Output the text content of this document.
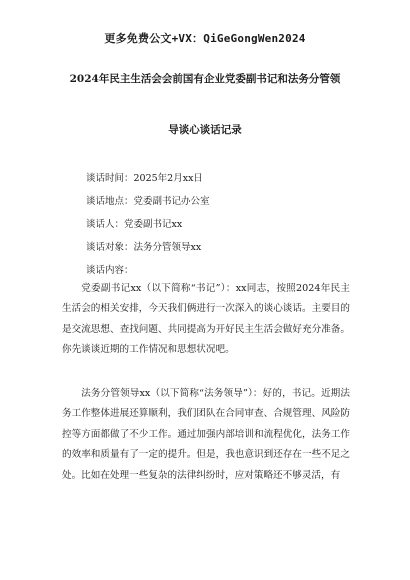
更多免费公文+VX：QiGeGongWen2024
2024年民主生活会会前国有企业党委副书记和法务分管领
导谈心谈话记录
谈话时间：2025年2月xx日
谈话地点：党委副书记办公室
谈话人：党委副书记xx
谈话对象：法务分管领导xx
谈话内容：
党委副书记xx（以下简称“书记”）：xx同志，按照2024年民主生活会的相关安排，今天我们俩进行一次深入的谈心谈话。主要目的是交流思想、查找问题、共同提高为开好民主生活会做好充分准备。你先谈谈近期的工作情况和思想状况吧。
法务分管领导xx（以下简称“法务领导”）：好的，书记。近期法务工作整体进展还算顺利，我们团队在合同审查、合规管理、风险防控等方面都做了不少工作。通过加强内部培训和流程优化，法务工作的效率和质量有了一定的提升。但是，我也意识到还存在一些不足之处。比如在处理一些复杂的法律纠纷时，应对策略还不够灵活，有
